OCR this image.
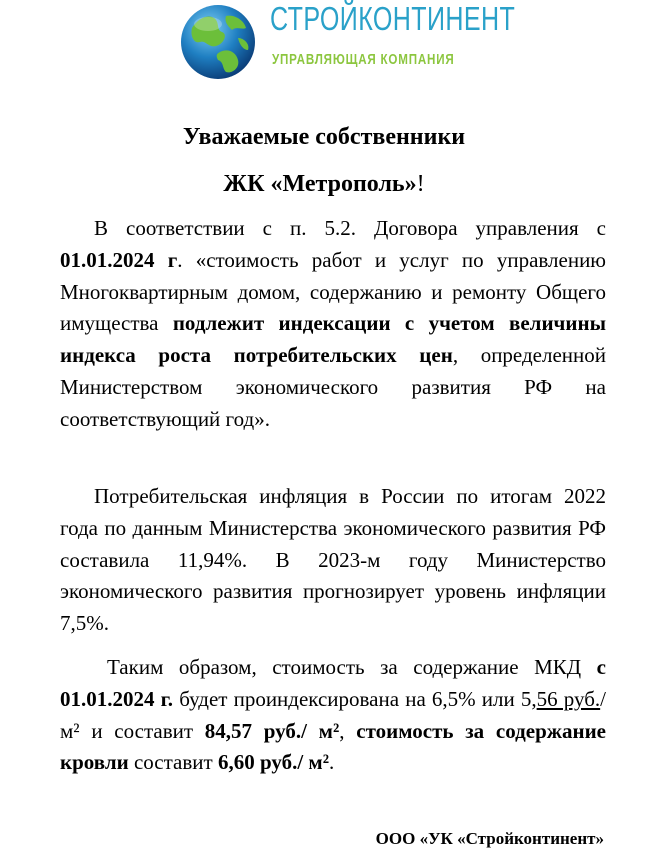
СТРОЙКОНТИНЕНТ
УПРАВЛЯЮЩАЯ КОМПАНИЯ
Уважаемые собственники
ЖК «Метрополь»!

В соответствии с п. 5.2. Договора управления с 01.01.2024 г. «стоимость работ и услуг по управлению Многоквартирным домом, содержанию и ремонту Общего имущества подлежит индексации с учетом величины индекса роста потребительских цен, определенной Министерством экономического развития РФ на соответствующий год».

Потребительская инфляция в России по итогам 2022 года по данным Министерства экономического развития РФ составила 11,94%. В 2023-м году Министерство экономического развития прогнозирует уровень инфляции 7,5%.

Таким образом, стоимость за содержание МКД с 01.01.2024 г. будет проиндексирована на 6,5% или 5,56 руб./м² и составит 84,57 руб./ м², стоимость за содержание кровли составит 6,60 руб./ м².

ООО «УК «Стройконтинент»
